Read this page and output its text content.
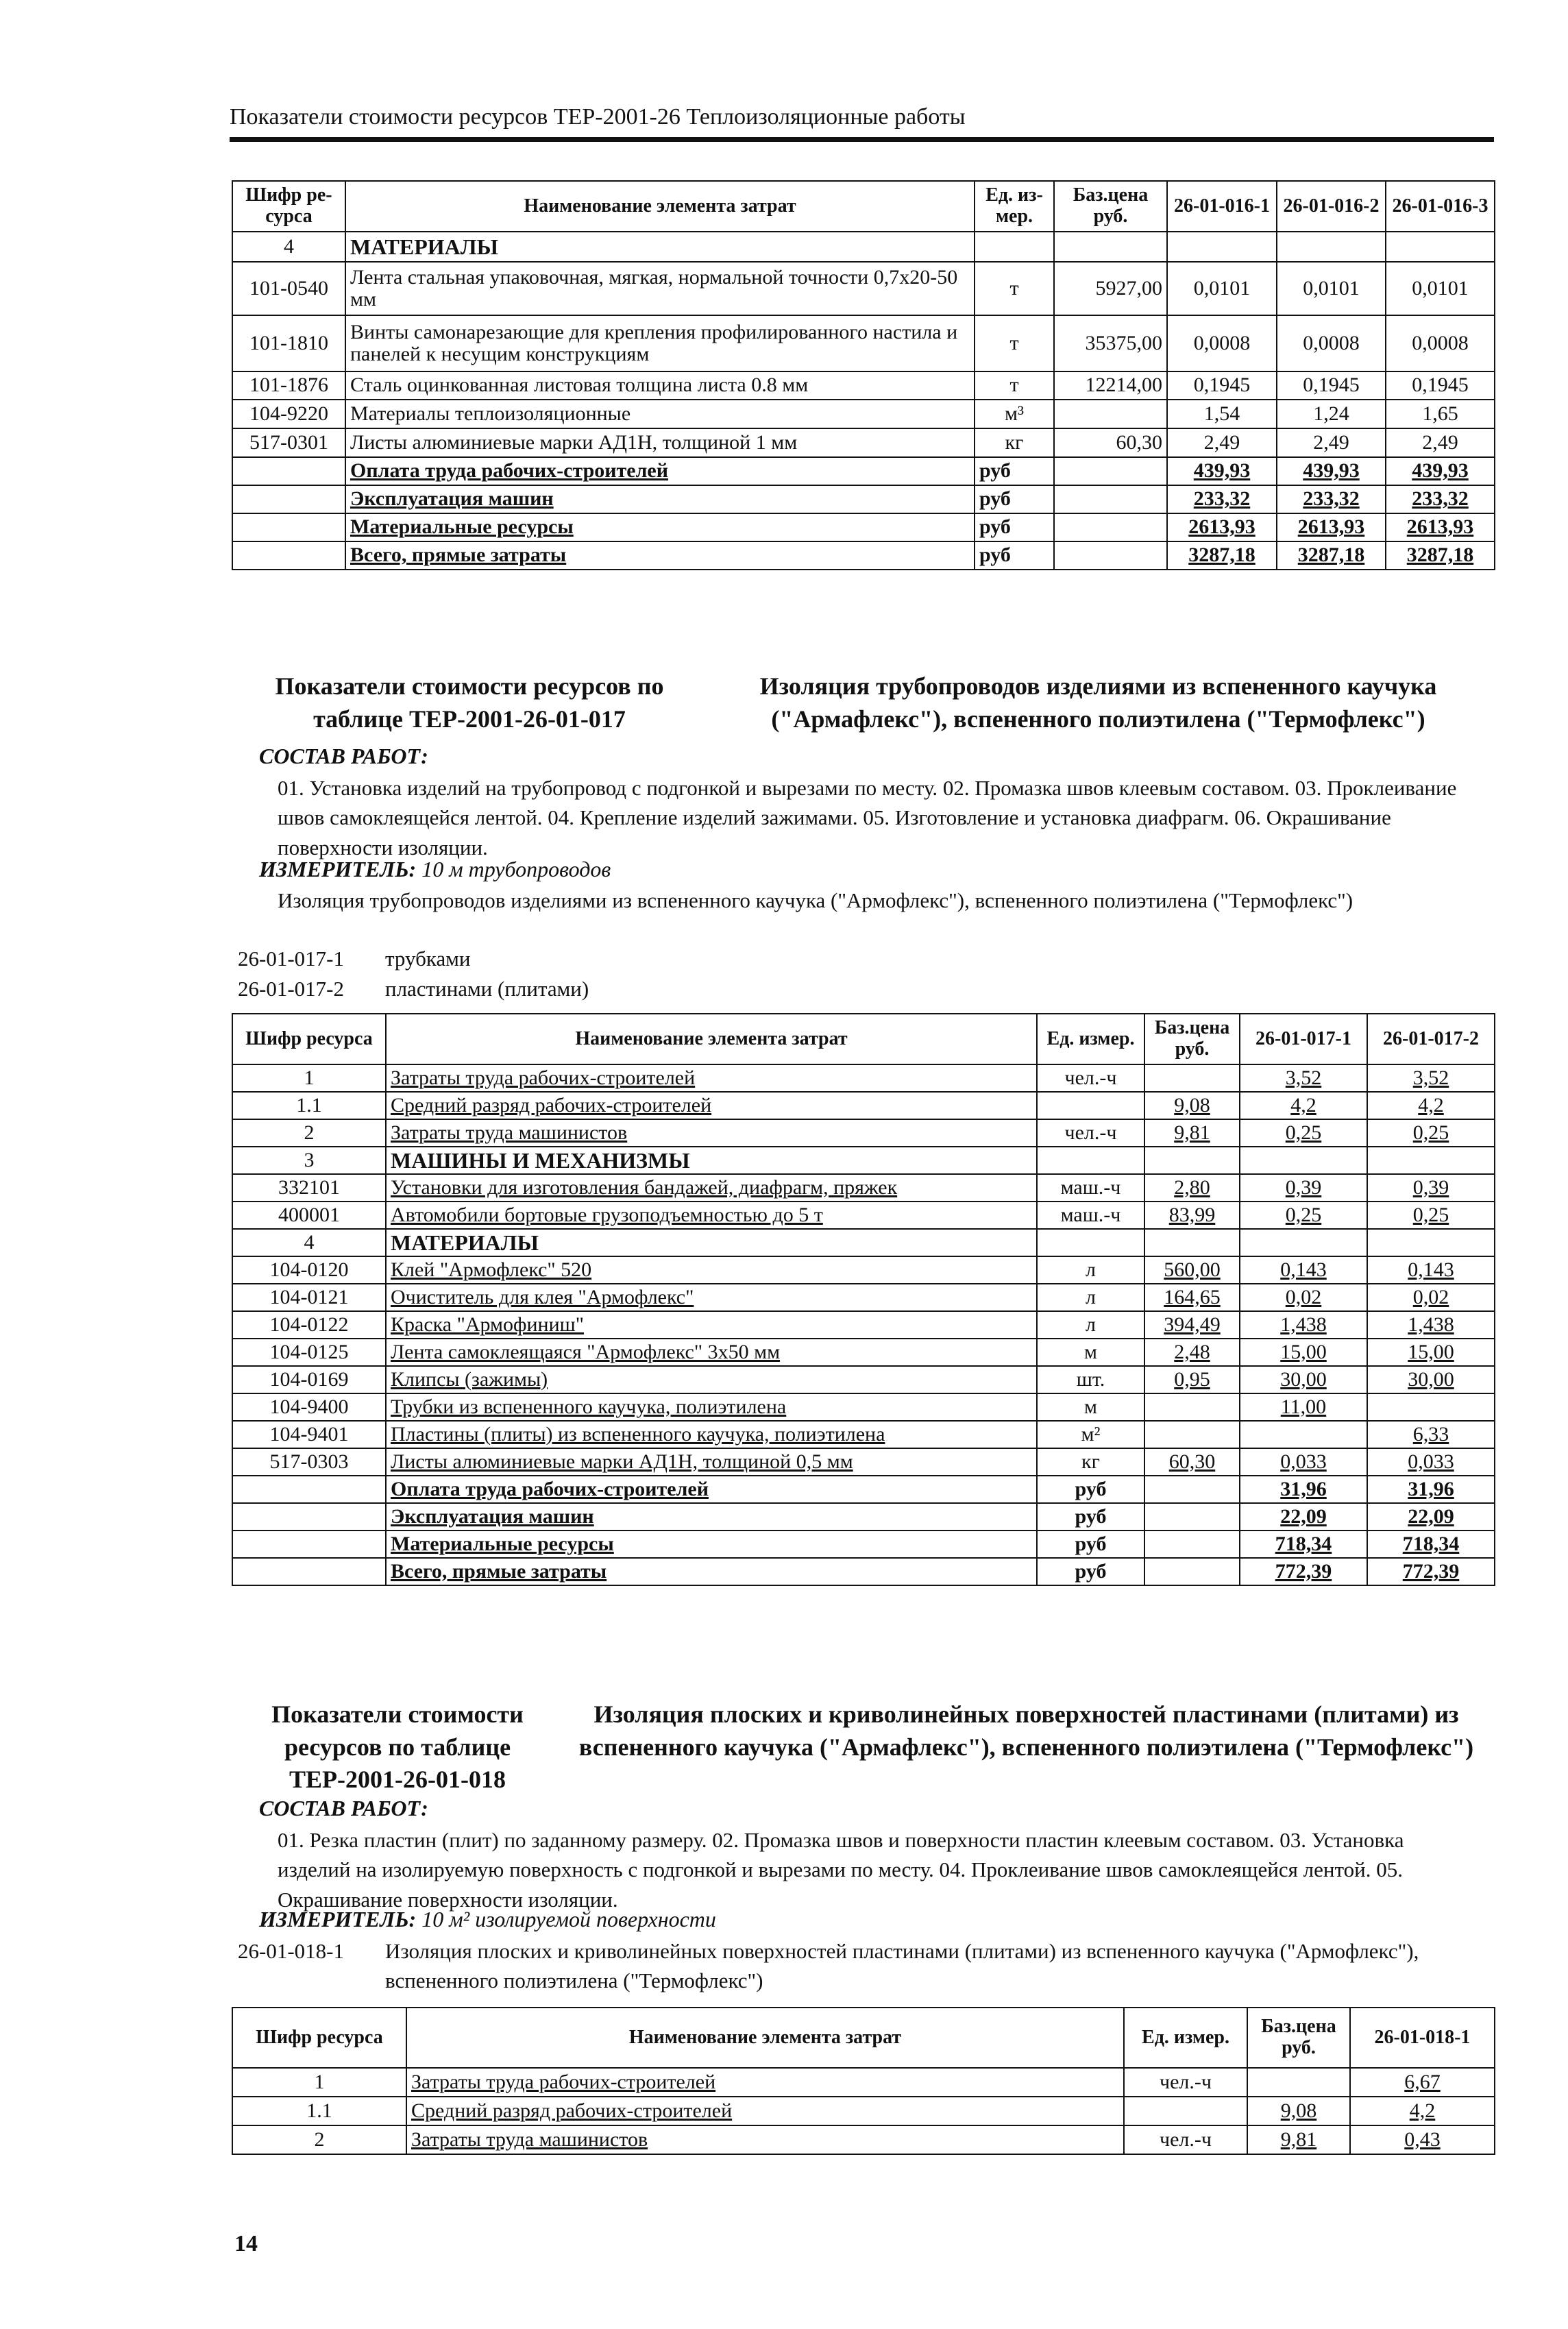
Показатели стоимости ресурсов ТЕР-2001-26 Теплоизоляционные работы
Шифр ре-сурса	Наименование элемента затрат	Ед. из-мер.	Баз.цена руб.	26-01-016-1	26-01-016-2	26-01-016-3
4	МАТЕРИАЛЫ					
101-0540	Лента стальная упаковочная, мягкая, нормальной точности 0,7х20-50 мм	т	5927,00	0,0101	0,0101	0,0101
101-1810	Винты самонарезающие для крепления профилированного настила и панелей к несущим конструкциям	т	35375,00	0,0008	0,0008	0,0008
101-1876	Сталь оцинкованная листовая толщина листа 0.8 мм	т	12214,00	0,1945	0,1945	0,1945
104-9220	Материалы теплоизоляционные	м³		1,54	1,24	1,65
517-0301	Листы алюминиевые марки АД1Н, толщиной 1 мм	кг	60,30	2,49	2,49	2,49
	Оплата труда рабочих-строителей	руб		439,93	439,93	439,93
	Эксплуатация машин	руб		233,32	233,32	233,32
	Материальные ресурсы	руб		2613,93	2613,93	2613,93
	Всего, прямые затраты	руб		3287,18	3287,18	3287,18
Показатели стоимости ресурсов по таблице ТЕР-2001-26-01-017
Изоляция трубопроводов изделиями из вспененного каучука ("Армафлекс"), вспененного полиэтилена ("Термофлекс")
СОСТАВ РАБОТ:
01. Установка изделий на трубопровод с подгонкой и вырезами по месту. 02. Промазка швов клеевым составом. 03. Проклеивание швов самоклеящейся лентой. 04. Крепление изделий зажимами. 05. Изготовление и установка диафрагм. 06. Окрашивание поверхности изоляции.
ИЗМЕРИТЕЛЬ: 10 м трубопроводов
Изоляция трубопроводов изделиями из вспененного каучука ("Армофлекс"), вспененного полиэтилена ("Термофлекс")
26-01-017-1 трубками
26-01-017-2 пластинами (плитами)
Шифр ресурса	Наименование элемента затрат	Ед. измер.	Баз.цена руб.	26-01-017-1	26-01-017-2
1	Затраты труда рабочих-строителей	чел.-ч		3,52	3,52
1.1	Средний разряд рабочих-строителей		9,08	4,2	4,2
2	Затраты труда машинистов	чел.-ч	9,81	0,25	0,25
3	МАШИНЫ И МЕХАНИЗМЫ				
332101	Установки для изготовления бандажей, диафрагм, пряжек	маш.-ч	2,80	0,39	0,39
400001	Автомобили бортовые грузоподъемностью до 5 т	маш.-ч	83,99	0,25	0,25
4	МАТЕРИАЛЫ				
104-0120	Клей "Армофлекс" 520	л	560,00	0,143	0,143
104-0121	Очиститель для клея "Армофлекс"	л	164,65	0,02	0,02
104-0122	Краска "Армофиниш"	л	394,49	1,438	1,438
104-0125	Лента самоклеящаяся "Армофлекс" 3х50 мм	м	2,48	15,00	15,00
104-0169	Клипсы (зажимы)	шт.	0,95	30,00	30,00
104-9400	Трубки из вспененного каучука, полиэтилена	м		11,00	
104-9401	Пластины (плиты) из вспененного каучука, полиэтилена	м²			6,33
517-0303	Листы алюминиевые марки АД1Н, толщиной 0,5 мм	кг	60,30	0,033	0,033
	Оплата труда рабочих-строителей	руб		31,96	31,96
	Эксплуатация машин	руб		22,09	22,09
	Материальные ресурсы	руб		718,34	718,34
	Всего, прямые затраты	руб		772,39	772,39
Показатели стоимости ресурсов по таблице ТЕР-2001-26-01-018
Изоляция плоских и криволинейных поверхностей пластинами (плитами) из вспененного каучука ("Армафлекс"), вспененного полиэтилена ("Термофлекс")
СОСТАВ РАБОТ:
01. Резка пластин (плит) по заданному размеру. 02. Промазка швов и поверхности пластин клеевым составом. 03. Установка изделий на изолируемую поверхность с подгонкой и вырезами по месту. 04. Проклеивание швов самоклеящейся лентой. 05. Окрашивание поверхности изоляции.
ИЗМЕРИТЕЛЬ: 10 м² изолируемой поверхности
26-01-018-1 Изоляция плоских и криволинейных поверхностей пластинами (плитами) из вспененного каучука ("Армофлекс"), вспененного полиэтилена ("Термофлекс")
Шифр ресурса	Наименование элемента затрат	Ед. измер.	Баз.цена руб.	26-01-018-1
1	Затраты труда рабочих-строителей	чел.-ч		6,67
1.1	Средний разряд рабочих-строителей		9,08	4,2
2	Затраты труда машинистов	чел.-ч	9,81	0,43
14
